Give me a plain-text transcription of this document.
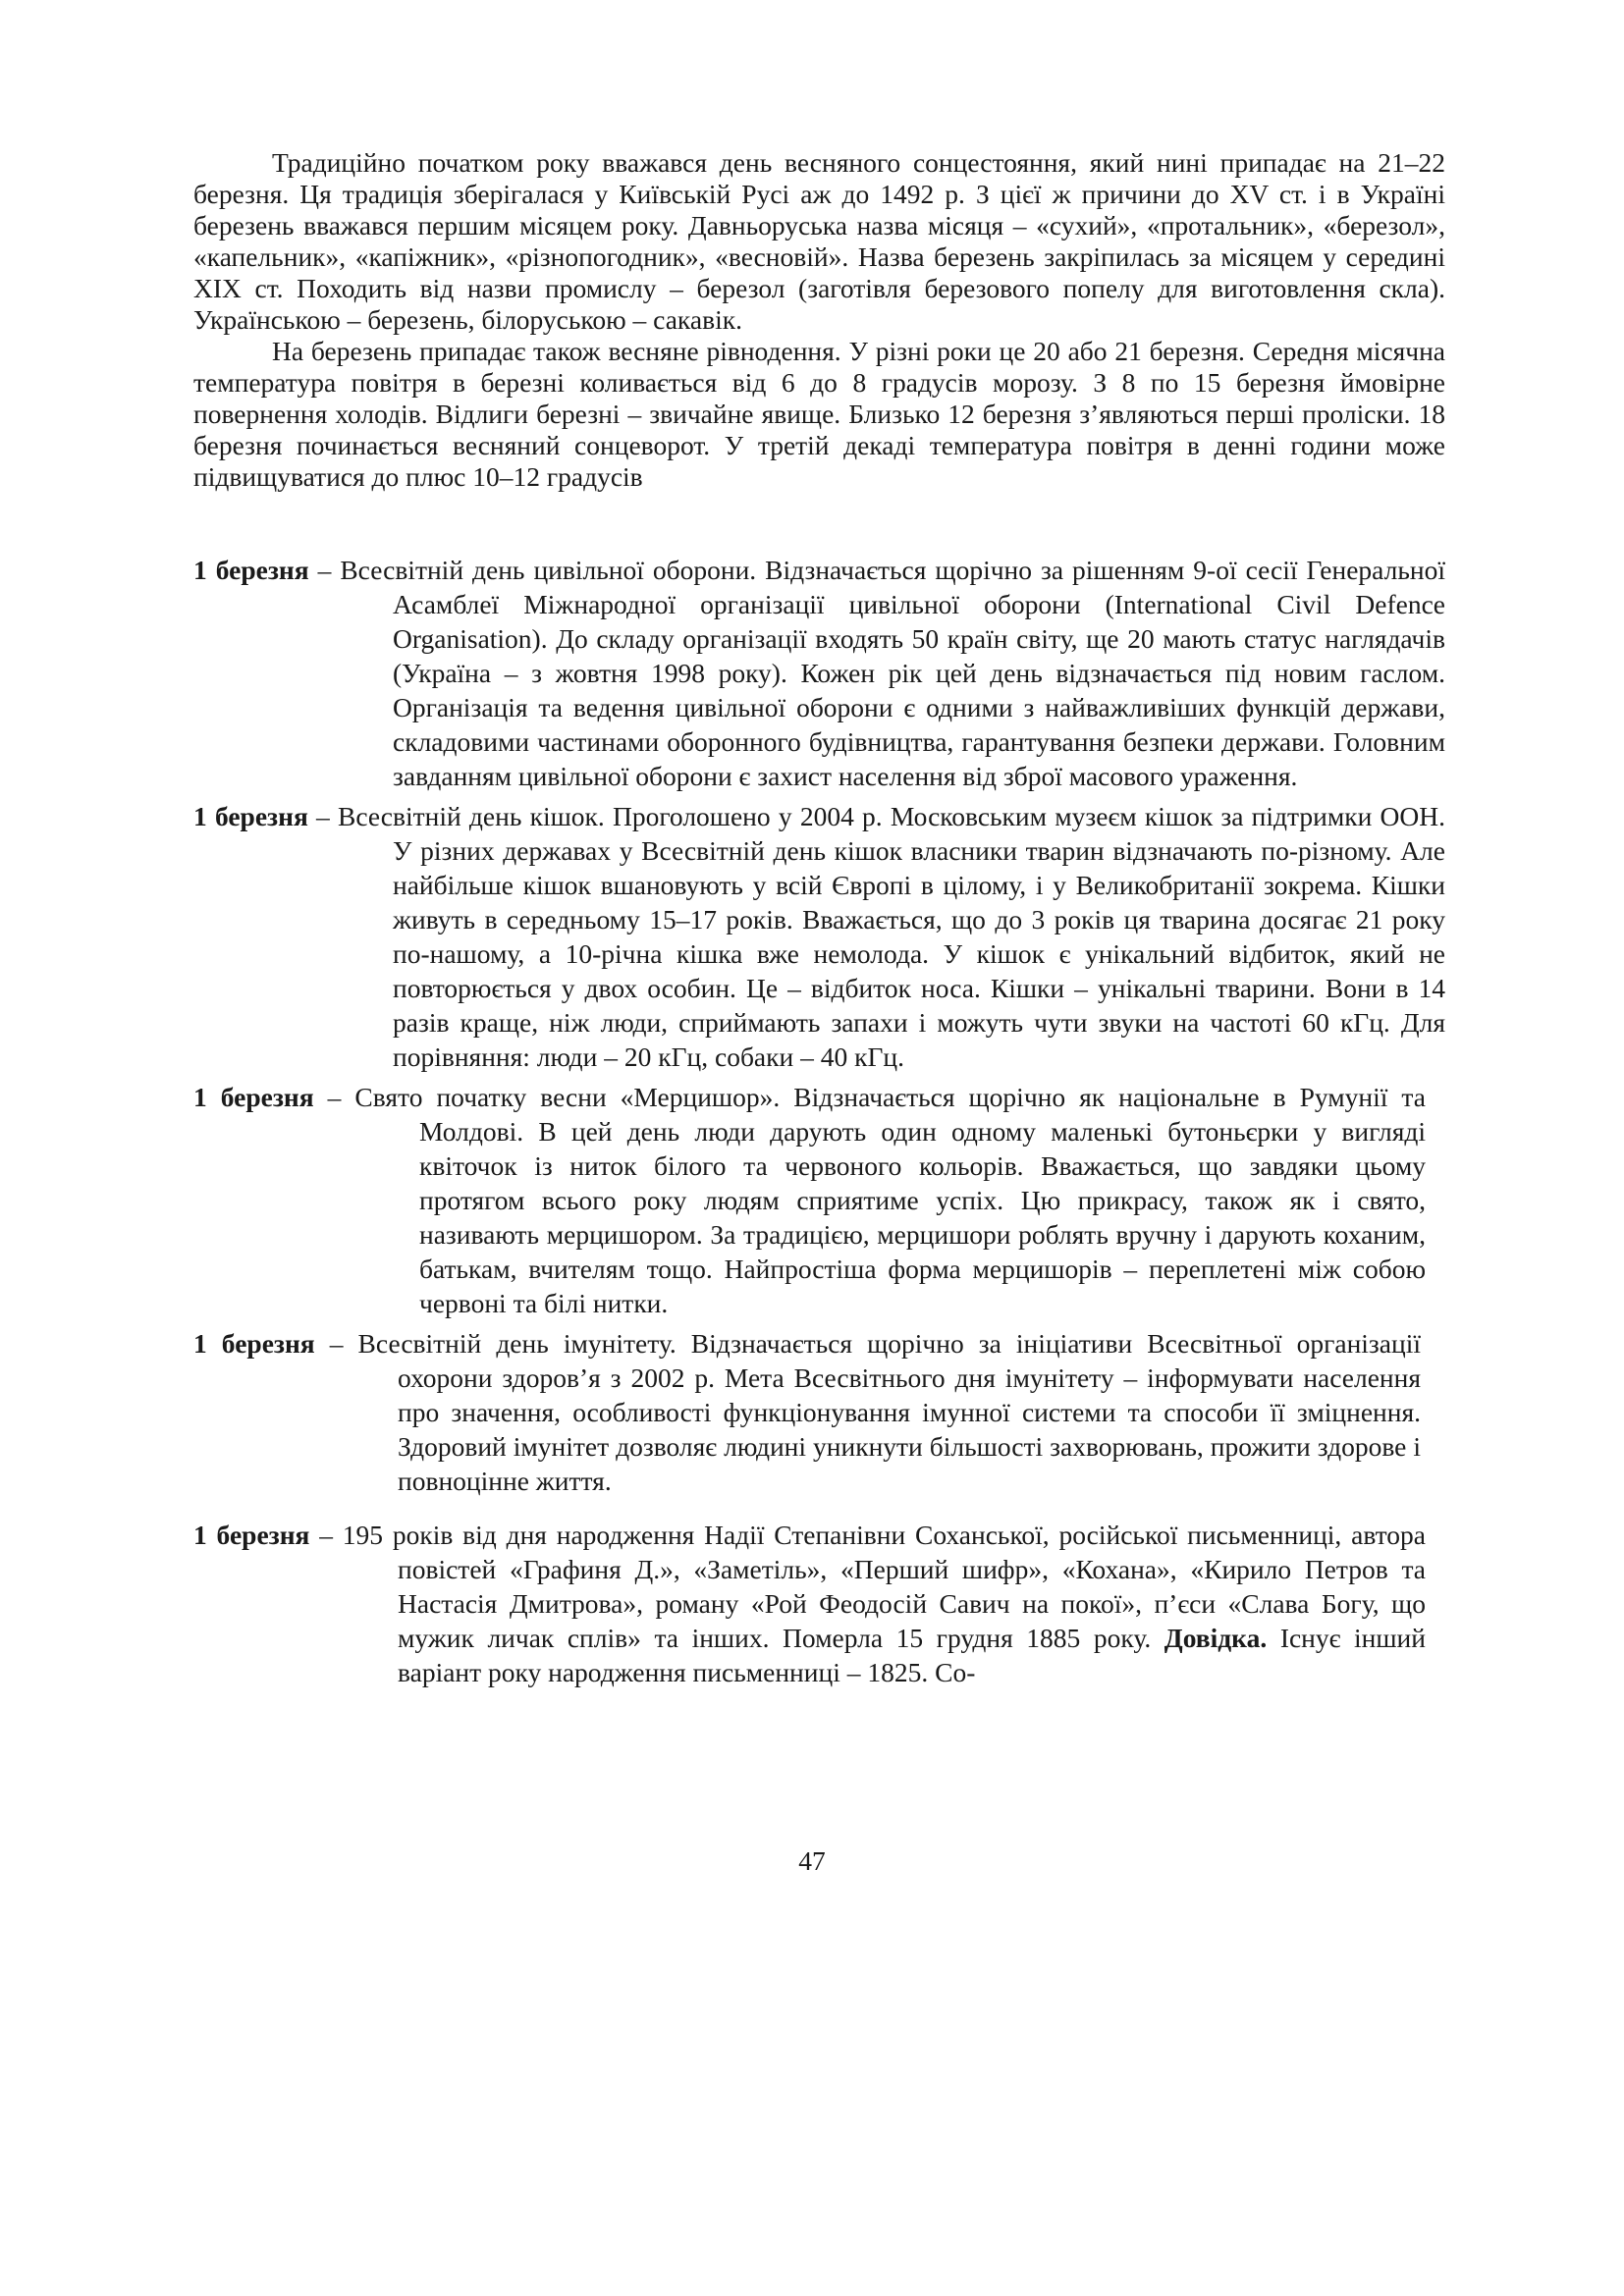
Традиційно початком року вважався день весняного сонцестояння, який нині припадає на 21–22 березня. Ця традиція зберігалася у Київській Русі аж до 1492 р. З цієї ж причини до XV ст. і в Україні березень вважався першим місяцем року. Давньоруська назва місяця – «сухий», «протальник», «березол», «капельник», «капіжник», «різнопогодник», «весновій». Назва березень закріпилась за місяцем у середині XIX ст. Походить від назви промислу – березол (заготівля березового попелу для виготовлення скла). Українською – березень, білоруською – сакавік.

На березень припадає також весняне рівнодення. У різні роки це 20 або 21 березня. Середня місячна температура повітря в березні коливається від 6 до 8 градусів морозу. З 8 по 15 березня ймовірне повернення холодів. Відлиги березні – звичайне явище. Близько 12 березня з’являються перші проліски. 18 березня починається весняний сонцеворот. У третій декаді температура повітря в денні години може підвищуватися до плюс 10–12 градусів

1 березня – Всесвітній день цивільної оборони. Відзначається щорічно за рішенням 9-ої сесії Генеральної Асамблеї Міжнародної організації цивільної оборони (International Civil Defence Organisation). До складу організації входять 50 країн світу, ще 20 мають статус наглядачів (Україна – з жовтня 1998 року). Кожен рік цей день відзначається під новим гаслом. Організація та ведення цивільної оборони є одними з найважливіших функцій держави, складовими частинами оборонного будівництва, гарантування безпеки держави. Головним завданням цивільної оборони є захист населення від зброї масового ураження.
1 березня – Всесвітній день кішок. Проголошено у 2004 р. Московським музеєм кішок за підтримки ООН. У різних державах у Всесвітній день кішок власники тварин відзначають по-різному. Але найбільше кішок вшановують у всій Європі в цілому, і у Великобританії зокрема. Кішки живуть в середньому 15–17 років. Вважається, що до 3 років ця тварина досягає 21 року по-нашому, а 10-річна кішка вже немолода. У кішок є унікальний відбиток, який не повторюється у двох особин. Це – відбиток носа. Кішки – унікальні тварини. Вони в 14 разів краще, ніж люди, сприймають запахи і можуть чути звуки на частоті 60 кГц. Для порівняння: люди – 20 кГц, собаки – 40 кГц.
1 березня – Свято початку весни «Мерцишор». Відзначається щорічно як національне в Румунії та Молдові. В цей день люди дарують один одному маленькі бутоньєрки у вигляді квіточок із ниток білого та червоного кольорів. Вважається, що завдяки цьому протягом всього року людям сприятиме успіх. Цю прикрасу, також як і свято, називають мерцишором. За традицією, мерцишори роблять вручну і дарують коханим, батькам, вчителям тощо. Найпростіша форма мерцишорів – переплетені між собою червоні та білі нитки.
1 березня – Всесвітній день імунітету. Відзначається щорічно за ініціативи Всесвітньої організації охорони здоров’я з 2002 р. Мета Всесвітнього дня імунітету – інформувати населення про значення, особливості функціонування імунної системи та способи її зміцнення. Здоровий імунітет дозволяє людині уникнути більшості захворювань, прожити здорове і повноцінне життя.
1 березня – 195 років від дня народження Надії Степанівни Соханської, російської письменниці, автора повістей «Графиня Д.», «Заметіль», «Перший шифр», «Кохана», «Кирило Петров та Настасія Дмитрова», роману «Рой Феодосій Савич на покої», п’єси «Слава Богу, що мужик личак сплів» та інших. Померла 15 грудня 1885 року. Довідка. Існує інший варіант року народження письменниці – 1825. Со-
47
